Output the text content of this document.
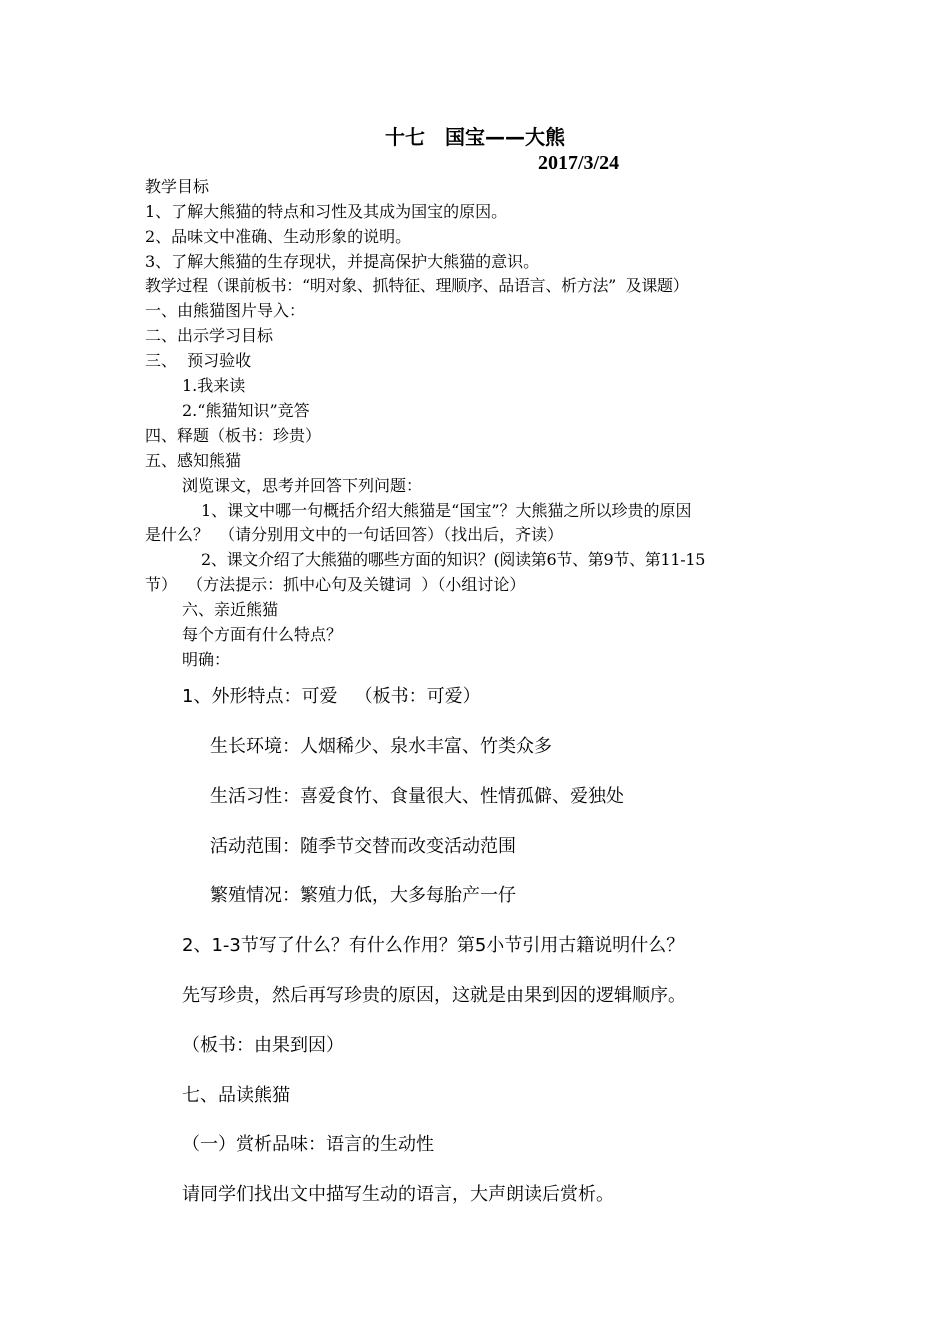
十七　国宝——大熊
2017/3/24
教学目标
1、了解大熊猫的特点和习性及其成为国宝的原因。
2、品味文中准确、生动形象的说明。
3、了解大熊猫的生存现状，并提高保护大熊猫的意识。
教学过程（课前板书：“明对象、抓特征、理顺序、品语言、析方法”  及课题）
一、由熊猫图片导入：
二、出示学习目标
三、  预习验收
1.我来读
2.“熊猫知识”竞答
四、释题（板书：珍贵）
五、感知熊猫
浏览课文，思考并回答下列问题：
1、课文中哪一句概括介绍大熊猫是“国宝”？大熊猫之所以珍贵的原因
是什么？  （请分别用文中的一句话回答）（找出后，齐读）
2、课文介绍了大熊猫的哪些方面的知识？(阅读第6节、第9节、第11-15
节）  （方法提示：抓中心句及关键词  ）（小组讨论）
六、亲近熊猫
每个方面有什么特点？
明确：
1、外形特点：可爱   （板书：可爱）
生长环境：人烟稀少、泉水丰富、竹类众多
生活习性：喜爱食竹、食量很大、性情孤僻、爱独处
活动范围：随季节交替而改变活动范围
繁殖情况：繁殖力低，大多每胎产一仔
2、1-3节写了什么？有什么作用？第5小节引用古籍说明什么？
先写珍贵，然后再写珍贵的原因，这就是由果到因的逻辑顺序。
（板书：由果到因）
七、品读熊猫
（一）赏析品味：语言的生动性
请同学们找出文中描写生动的语言，大声朗读后赏析。
